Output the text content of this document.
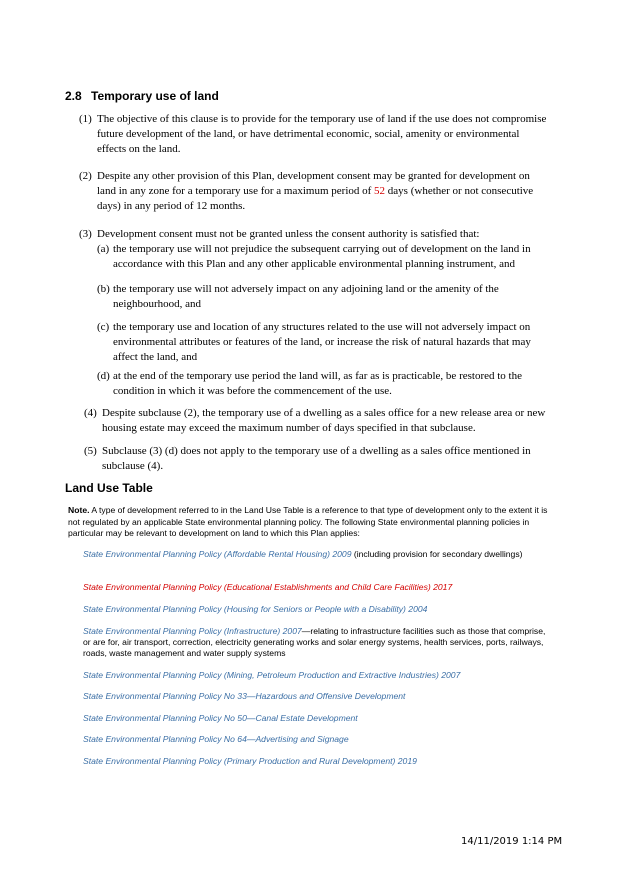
2.8 Temporary use of land
(1) The objective of this clause is to provide for the temporary use of land if the use does not compromise future development of the land, or have detrimental economic, social, amenity or environmental effects on the land.
(2) Despite any other provision of this Plan, development consent may be granted for development on land in any zone for a temporary use for a maximum period of 52 days (whether or not consecutive days) in any period of 12 months.
(3) Development consent must not be granted unless the consent authority is satisfied that:
(a) the temporary use will not prejudice the subsequent carrying out of development on the land in accordance with this Plan and any other applicable environmental planning instrument, and
(b) the temporary use will not adversely impact on any adjoining land or the amenity of the neighbourhood, and
(c) the temporary use and location of any structures related to the use will not adversely impact on environmental attributes or features of the land, or increase the risk of natural hazards that may affect the land, and
(d) at the end of the temporary use period the land will, as far as is practicable, be restored to the condition in which it was before the commencement of the use.
(4) Despite subclause (2), the temporary use of a dwelling as a sales office for a new release area or new housing estate may exceed the maximum number of days specified in that subclause.
(5) Subclause (3) (d) does not apply to the temporary use of a dwelling as a sales office mentioned in subclause (4).
Land Use Table
Note. A type of development referred to in the Land Use Table is a reference to that type of development only to the extent it is not regulated by an applicable State environmental planning policy. The following State environmental planning policies in particular may be relevant to development on land to which this Plan applies:
State Environmental Planning Policy (Affordable Rental Housing) 2009 (including provision for secondary dwellings)
State Environmental Planning Policy (Educational Establishments and Child Care Facilities) 2017
State Environmental Planning Policy (Housing for Seniors or People with a Disability) 2004
State Environmental Planning Policy (Infrastructure) 2007—relating to infrastructure facilities such as those that comprise, or are for, air transport, correction, electricity generating works and solar energy systems, health services, ports, railways, roads, waste management and water supply systems
State Environmental Planning Policy (Mining, Petroleum Production and Extractive Industries) 2007
State Environmental Planning Policy No 33—Hazardous and Offensive Development
State Environmental Planning Policy No 50—Canal Estate Development
State Environmental Planning Policy No 64—Advertising and Signage
State Environmental Planning Policy (Primary Production and Rural Development) 2019
14/11/2019 1:14 PM
